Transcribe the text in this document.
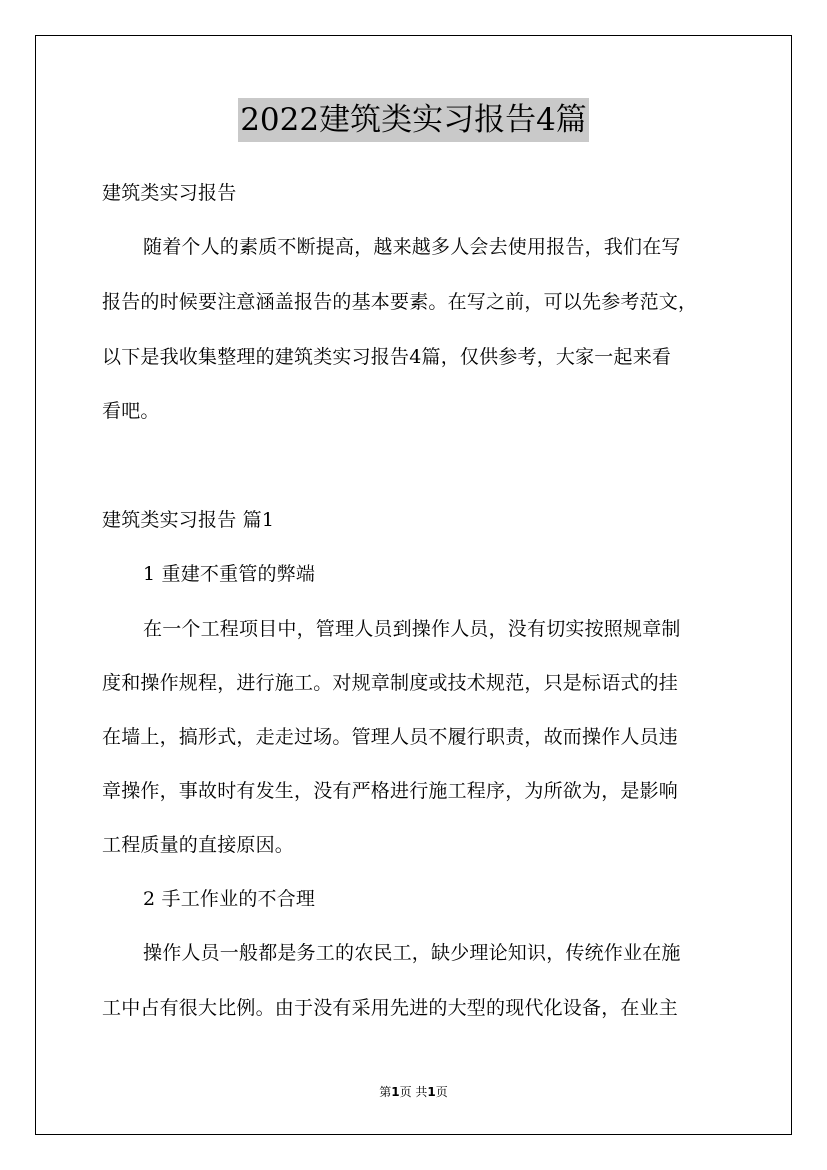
2022建筑类实习报告4篇
建筑类实习报告
随着个人的素质不断提高，越来越多人会去使用报告，我们在写
报告的时候要注意涵盖报告的基本要素。在写之前，可以先参考范文，
以下是我收集整理的建筑类实习报告4篇，仅供参考，大家一起来看
看吧。
建筑类实习报告 篇1
1 重建不重管的弊端
在一个工程项目中，管理人员到操作人员，没有切实按照规章制
度和操作规程，进行施工。对规章制度或技术规范，只是标语式的挂
在墙上，搞形式，走走过场。管理人员不履行职责，故而操作人员违
章操作，事故时有发生，没有严格进行施工程序，为所欲为，是影响
工程质量的直接原因。
2 手工作业的不合理
操作人员一般都是务工的农民工，缺少理论知识，传统作业在施
工中占有很大比例。由于没有采用先进的大型的现代化设备，在业主
第1页 共1页
